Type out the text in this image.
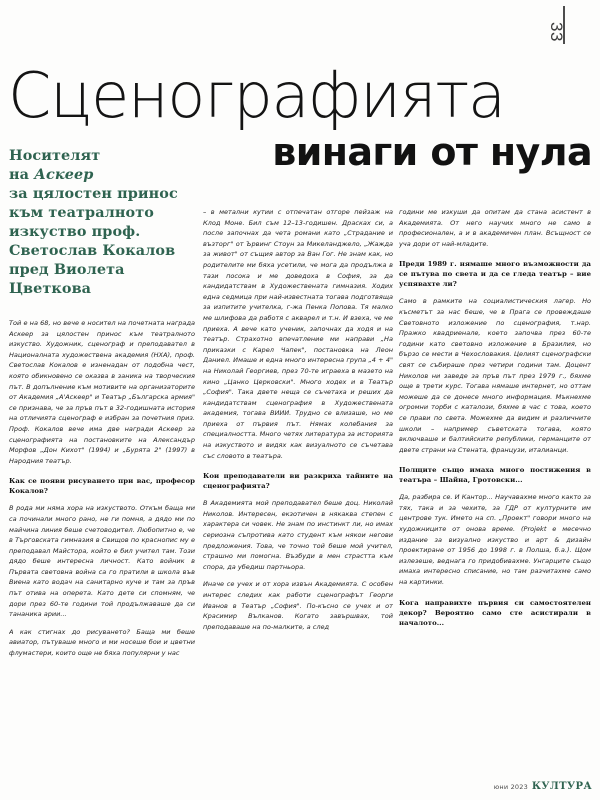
33
Сценографията
винаги от нула
Носителят
на Аскеер
за цялостен принос
към театралното
изкуство проф.
Светослав Кокалов
пред Виолета
Цветкова

Той е на 68, но вече е носител на почетната награда Аскеер за цялостен принос към театралното изкуство. Художник, сценограф и преподавател в Националната художествена академия (НХА), проф. Светослав Кокалов е изненадан от подобна чест, която обикновено се оказва в заника на творческия път. В допълнение към мотивите на организаторите от Академия „А'Аскеер" и Театър „Българска армия" се признава, че за пръв път в 32-годишната история на отличията сценограф е избран за почетния приз. Проф. Кокалов вече има две награди Аскеер за сценографията на постановките на Александър Морфов „Дон Кихот" (1994) и „Бурята 2" (1997) в Народния театър.

Как се появи рисуването при вас, професор Кокалов?

В рода ми няма хора на изкуството. Откъм баща ми са починали много рано, не ги помня, а дядо ми по майчина линия беше счетоводител. Любопитно е, че в Търговската гимназия в Свищов по краснопис му е преподавал Майстора, който е бил учител там. Този дядо беше интересна личност. Като войник в Първата световна война са го пратили в школа във Виена като водач на санитарно куче и там за пръв път отива на оперета. Като дете си спомням, че дори през 60-те години той продължаваше да си тананика арии...

А как стигнах до рисуването? Баща ми беше авиатор, пътуваше много и ми носеше бои и цветни флумастери, които още не бяха популярни у нас

– в метални кутии с отпечатан отгоре пейзаж на Клод Моне. Бил съм 12–13-годишен. Драсках си, а после започнах да чета романи като „Страдание и възторг" от Ървинг Стоун за Микеланджело, „Жажда за живот" от същия автор за Ван Гог. Не знам как, но родителите ми бяха усетили, че мога да продължа в тази посока и ме доведоха в София, за да кандидатствам в Художествената гимназия. Ходих една седмица при най-известната тогава подготвяща за изпитите учителка, г-жа Пенка Попова. Тя малко ме шлифова да работя с акварел и т.н. И взеха, че ме приеха. А вече като ученик, започнах да ходя и на театър. Страхотно впечатление ми направи „На приказки с Карел Чапек", постановка на Леон Даниел. Имаше и една много интересна група „4 + 4" на Николай Георгиев, през 70-те играеха в мазето на кино „Цанко Церковски". Много ходех и в Театър „София". Така двете неща се съчетаха и реших да кандидатствам сценография в Художествената академия, тогава ВИИИ. Трудно се влизаше, но ме приеха от първия път. Нямах колебания за специалността. Много четях литература за историята на изкуството и видях как визуалното се съчетава със словото в театъра.

Кои преподаватели ви разкриха тайните на сценографията?

В Академията мой преподавател беше доц. Николай Николов. Интересен, екзотичен в някаква степен с характера си човек. Не знам по инстинкт ли, но имах сериозна съпротива като студент към някои негови предложения. Това, че точно той беше мой учител, страшно ми помогна. Възбуди в мен страстта към спора, да убедиш партньора.

Иначе се учех и от хора извън Академията. С особен интерес следих как работи сценографът Георги Иванов в Театър „София". По-късно се учех и от Красимир Вълканов. Когато завършвах, той преподаваше на по-малките, а след

години ме изкуши да опитам да стана асистент в Академията. От него научих много не само в професионален, а и в академичен план. Всъщност се уча дори от най-младите.

Преди 1989 г. нямаше много възможности да се пътува по света и да се гледа театър – вие успявахте ли?

Само в рамките на социалистическия лагер. Но късметът за нас беше, че в Прага се провеждаше Световното изложение по сценография, т.нар. Пражко квадриеналe, което започва през 60-те години като световно изложение в Бразилия, но бързо се мести в Чехословакия. Целият сценографски свят се събираше през четири години там. Доцент Николов ни заведе за пръв път през 1979 г., бяхме още в трети курс. Тогава нямаше интернет, но оттам можеше да се донесе много информация. Мъкнехме огромни торби с каталози, бяхме в час с това, което се прави по света. Можехме да видим и различните школи – например съветската тогава, която включваше и балтийските републики, германците от двете страни на Стената, французи, италианци.

Полщите също имаха много постижения в театъра – Шайна, Гротовски...

Да, разбира се. И Кантор... Научавахме много както за тях, така и за чехите, за ГДР от културните им центрове тук. Името на сп. „Проект" говори много на художниците от онова време. (Projekt е месечно издание за визуално изкуство и арт & дизайн проектиране от 1956 до 1998 г. в Полша, б.а.). Щом излезеше, веднага го придобивахме. Унгарците също имаха интересно списание, но там разчитахме само на картинки.

Кога направихте първия си самостоятелен декор? Вероятно само сте асистирали в началото...

юни 2023 КУЛТУРА
